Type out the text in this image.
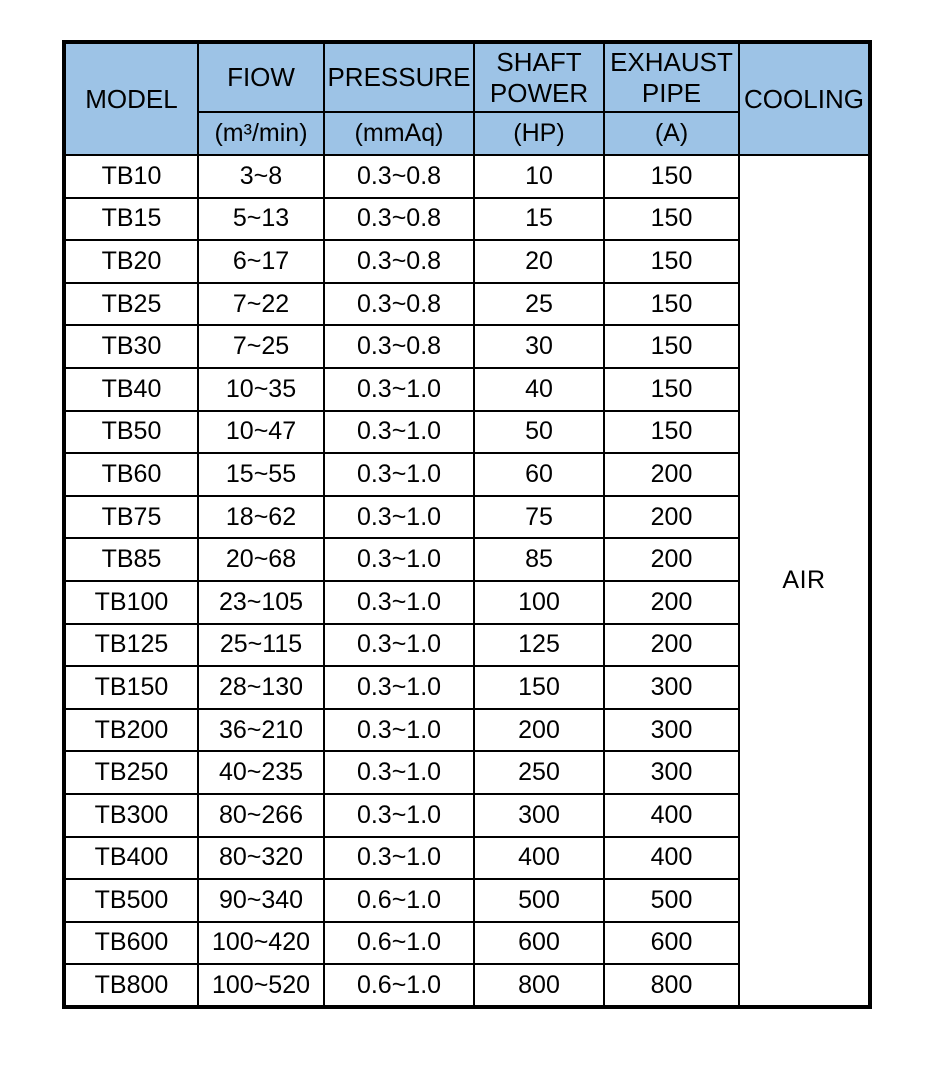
MODEL	FIOW	PRESSURE	SHAFT POWER	EXHAUST PIPE	COOLING
	(m³/min)	(mmAq)	(HP)	(A)	
TB10	3~8	0.3~0.8	10	150	AIR
TB15	5~13	0.3~0.8	15	150	
TB20	6~17	0.3~0.8	20	150	
TB25	7~22	0.3~0.8	25	150	
TB30	7~25	0.3~0.8	30	150	
TB40	10~35	0.3~1.0	40	150	
TB50	10~47	0.3~1.0	50	150	
TB60	15~55	0.3~1.0	60	200	
TB75	18~62	0.3~1.0	75	200	
TB85	20~68	0.3~1.0	85	200	
TB100	23~105	0.3~1.0	100	200	
TB125	25~115	0.3~1.0	125	200	
TB150	28~130	0.3~1.0	150	300	
TB200	36~210	0.3~1.0	200	300	
TB250	40~235	0.3~1.0	250	300	
TB300	80~266	0.3~1.0	300	400	
TB400	80~320	0.3~1.0	400	400	
TB500	90~340	0.6~1.0	500	500	
TB600	100~420	0.6~1.0	600	600	
TB800	100~520	0.6~1.0	800	800	
